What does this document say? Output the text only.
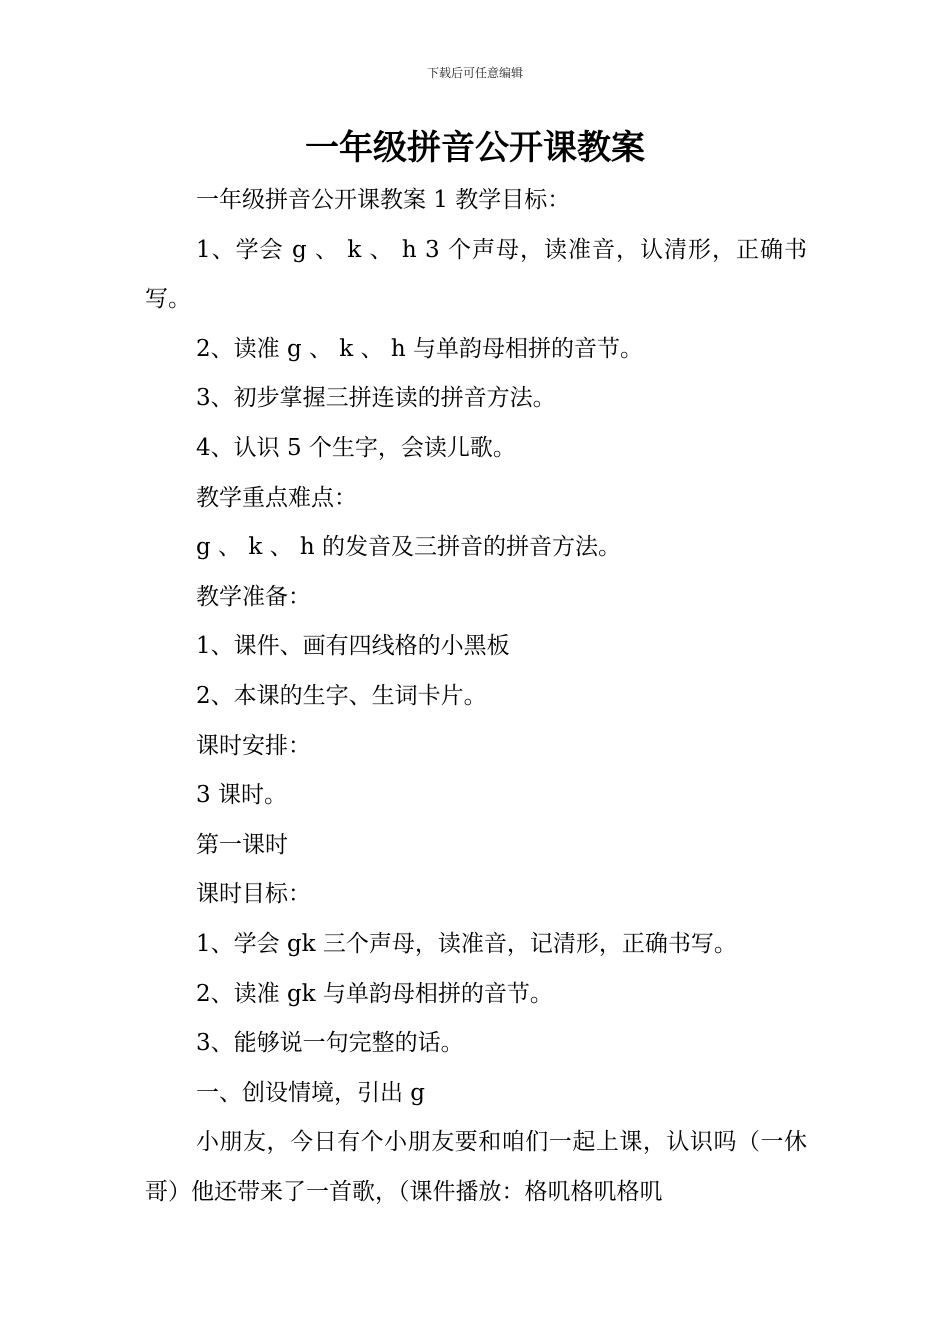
下载后可任意编辑
一年级拼音公开课教案

一年级拼音公开课教案 1 教学目标：

1、学会 g 、 k 、 h 3 个声母，读准音，认清形，正确书写。

2、读准 g 、 k 、 h 与单韵母相拼的音节。

3、初步掌握三拼连读的拼音方法。

4、认识 5 个生字，会读儿歌。

教学重点难点：

g 、 k 、 h 的发音及三拼音的拼音方法。

教学准备：

1、课件、画有四线格的小黑板

2、本课的生字、生词卡片。

课时安排：

3 课时。

第一课时

课时目标：

1、学会 gk 三个声母，读准音，记清形，正确书写。

2、读准 gk 与单韵母相拼的音节。

3、能够说一句完整的话。

一、创设情境，引出 g

小朋友，今日有个小朋友要和咱们一起上课，认识吗（一休哥）他还带来了一首歌，（课件播放：格叽格叽格叽
